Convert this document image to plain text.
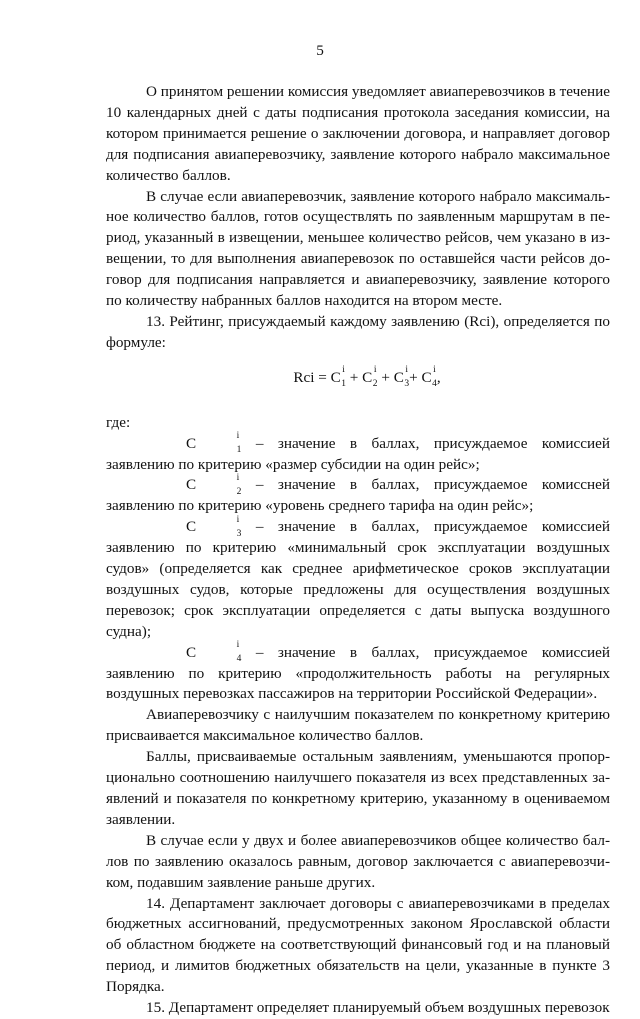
5

О принятом решении комиссия уведомляет авиаперевозчиков в течение 10 календарных дней с даты подписания протокола заседания комиссии, на котором принимается решение о заключении договора, и направляет договор для подписания авиаперевозчику, заявление которого набрало максимальное количество баллов.

В случае если авиаперевозчик, заявление которого набрало максимальное количество баллов, готов осуществлять по заявленным маршрутам в период, указанный в извещении, меньшее количество рейсов, чем указано в извещении, то для выполнения авиаперевозок по оставшейся части рейсов договор для подписания направляется и авиаперевозчику, заявление которого по количеству набранных баллов находится на втором месте.

13. Рейтинг, присуждаемый каждому заявлению (Rci), определяется по формуле:

Rci = C i
1 + C i
2 + C i
3 + C i
4 ,

где:

C	i
1 – значение в баллах, присуждаемое комиссией заявлению по критерию «размер субсидии на один рейс»;

C	i
2 – значение в баллах, присуждаемое комиссней заявлению по критерию «уровень среднего тарифа на один рейс»;

C	i
3 – значение в баллах, присуждаемое комиссией заявлению по критерию «минимальный срок эксплуатации воздушных судов» (определяется как среднее арифметическое сроков эксплуатации воздушных судов, которые предложены для осуществления воздушных перевозок; срок эксплуатации определяется с даты выпуска воздушного судна);

C	i
4 – значение в баллах, присуждаемое комиссией заявлению по критерию «продолжительность работы на регулярных воздушных перевозках пассажиров на территории Российской Федерации».

Авиаперевозчику с наилучшим показателем по конкретному критерию присваивается максимальное количество баллов.

Баллы, присваиваемые остальным заявлениям, уменьшаются пропорционально соотношению наилучшего показателя из всех представленных заявлений и показателя по конкретному критерию, указанному в оцениваемом заявлении.

В случае если у двух и более авиаперевозчиков общее количество баллов по заявлению оказалось равным, договор заключается с авиаперевозчиком, подавшим заявление раньше других.

14. Департамент заключает договоры с авиаперевозчиками в пределах бюджетных ассигнований, предусмотренных законом Ярославской области об областном бюджете на соответствующий финансовый год и на плановый период, и лимитов бюджетных обязательств на цели, указанные в пункте 3 Порядка.

15. Департамент определяет планируемый объем воздушных перевозок
